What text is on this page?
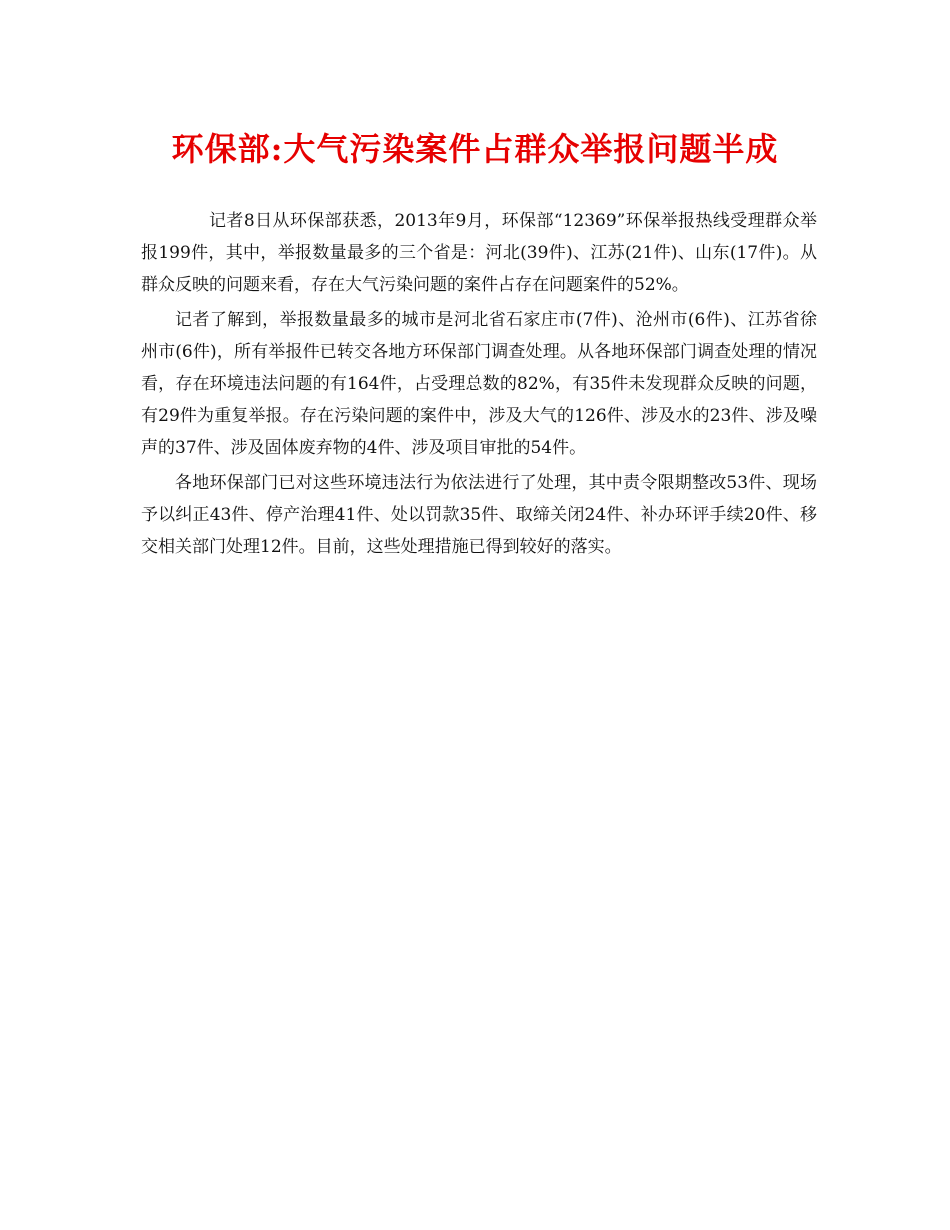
环保部:大气污染案件占群众举报问题半成

记者8日从环保部获悉，2013年9月，环保部“12369”环保举报热线受理群众举报199件，其中，举报数量最多的三个省是：河北(39件)、江苏(21件)、山东(17件)。从群众反映的问题来看，存在大气污染问题的案件占存在问题案件的52%。

记者了解到，举报数量最多的城市是河北省石家庄市(7件)、沧州市(6件)、江苏省徐州市(6件)，所有举报件已转交各地方环保部门调查处理。从各地环保部门调查处理的情况看，存在环境违法问题的有164件，占受理总数的82%，有35件未发现群众反映的问题，有29件为重复举报。存在污染问题的案件中，涉及大气的126件、涉及水的23件、涉及噪声的37件、涉及固体废弃物的4件、涉及项目审批的54件。

各地环保部门已对这些环境违法行为依法进行了处理，其中责令限期整改53件、现场予以纠正43件、停产治理41件、处以罚款35件、取缔关闭24件、补办环评手续20件、移交相关部门处理12件。目前，这些处理措施已得到较好的落实。
